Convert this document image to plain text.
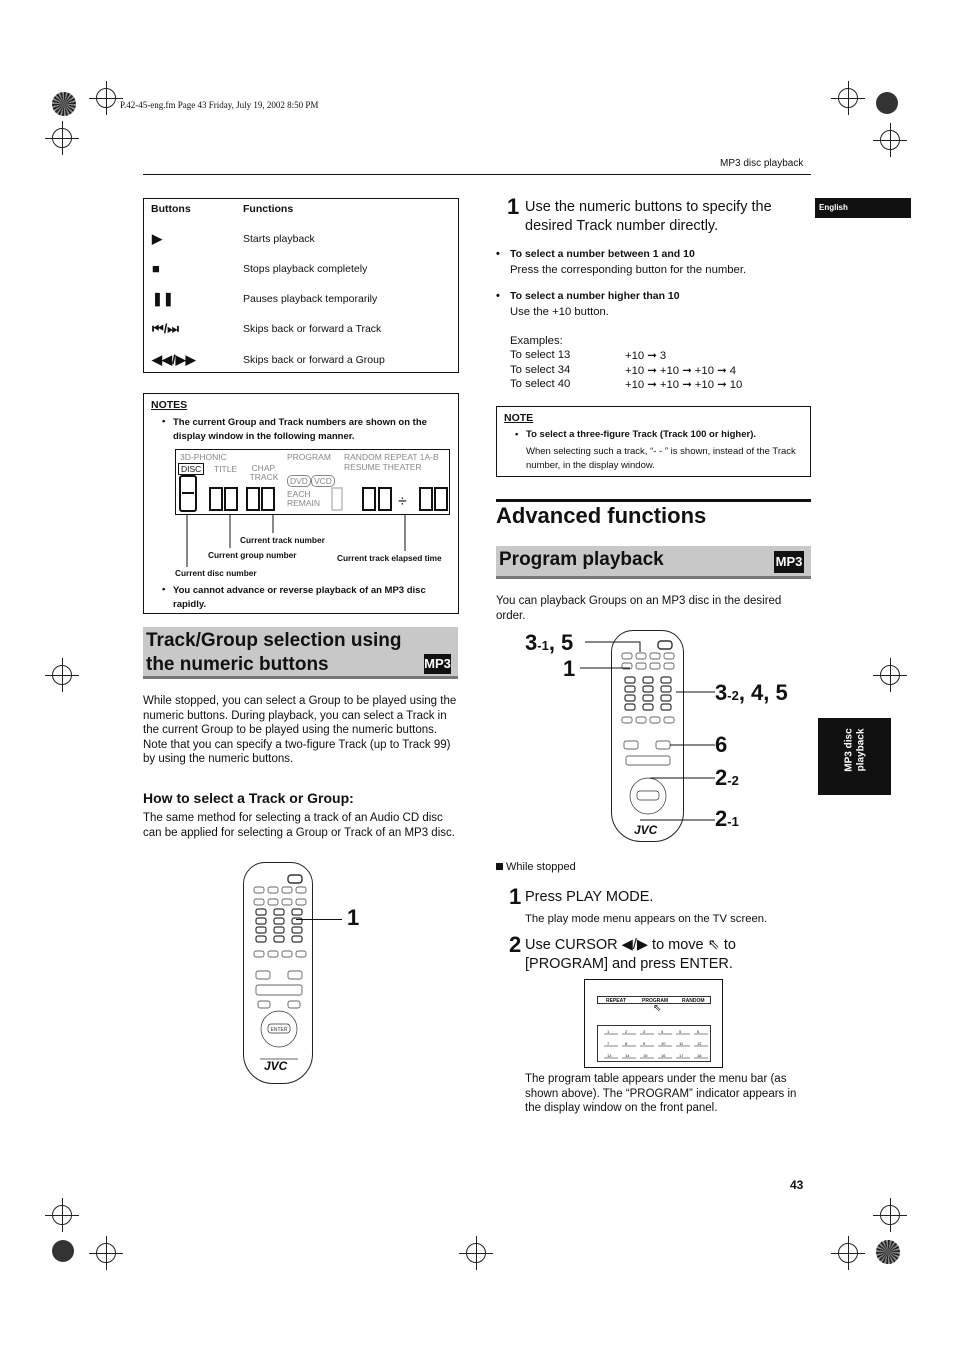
P.42-45-eng.fm Page 43 Friday, July 19, 2002 8:50 PM
MP3 disc playback
English
MP3 disc playback
Buttons	Functions
▶	Starts playback
■	Stops playback completely
❚❚	Pauses playback temporarily
⏮/⏭	Skips back or forward a Track
◀◀/▶▶	Skips back or forward a Group
NOTES
• The current Group and Track numbers are shown on the display window in the following manner.
3D-PHONIC	PROGRAM RANDOM REPEAT 1A-B RESUME THEATER
DISC	TITLE	CHAP. TRACK	DVD VCD
EACH REMAIN	÷
Current track number
Current group number	Current track elapsed time
Current disc number
• You cannot advance or reverse playback of an MP3 disc rapidly.
Track/Group selection using the numeric buttons	MP3
While stopped, you can select a Group to be played using the numeric buttons. During playback, you can select a Track in the current Group to be played using the numeric buttons. Note that you can specify a two-figure Track (up to Track 99) by using the numeric buttons.
How to select a Track or Group:
The same method for selecting a track of an Audio CD disc can be applied for selecting a Group or Track of an MP3 disc.
ENTER
JVC
1
1 Use the numeric buttons to specify the desired Track number directly.
• To select a number between 1 and 10
Press the corresponding button for the number.
• To select a number higher than 10
Use the +10 button.
Examples:
To select 13	+10 ➞ 3
To select 34	+10 ➞ +10 ➞ +10 ➞ 4
To select 40	+10 ➞ +10 ➞ +10 ➞ 10
NOTE
• To select a three-figure Track (Track 100 or higher).
When selecting such a track, “- - ” is shown, instead of the Track number, in the display window.
Advanced functions
Program playback	MP3
You can playback Groups on an MP3 disc in the desired order.
JVC
3-1, 5
1
3-2, 4, 5
6
2-2
2-1
While stopped
1 Press PLAY MODE.
The play mode menu appears on the TV screen.
2 Use CURSOR ◀/▶ to move ⇖ to [PROGRAM] and press ENTER.
REPEAT	PROGRAM	RANDOM
⇖
1	2	3	4	5	6
7	8	9	10	11	12
13	14	15	16	17	18
The program table appears under the menu bar (as shown above). The “PROGRAM” indicator appears in the display window on the front panel.
43
